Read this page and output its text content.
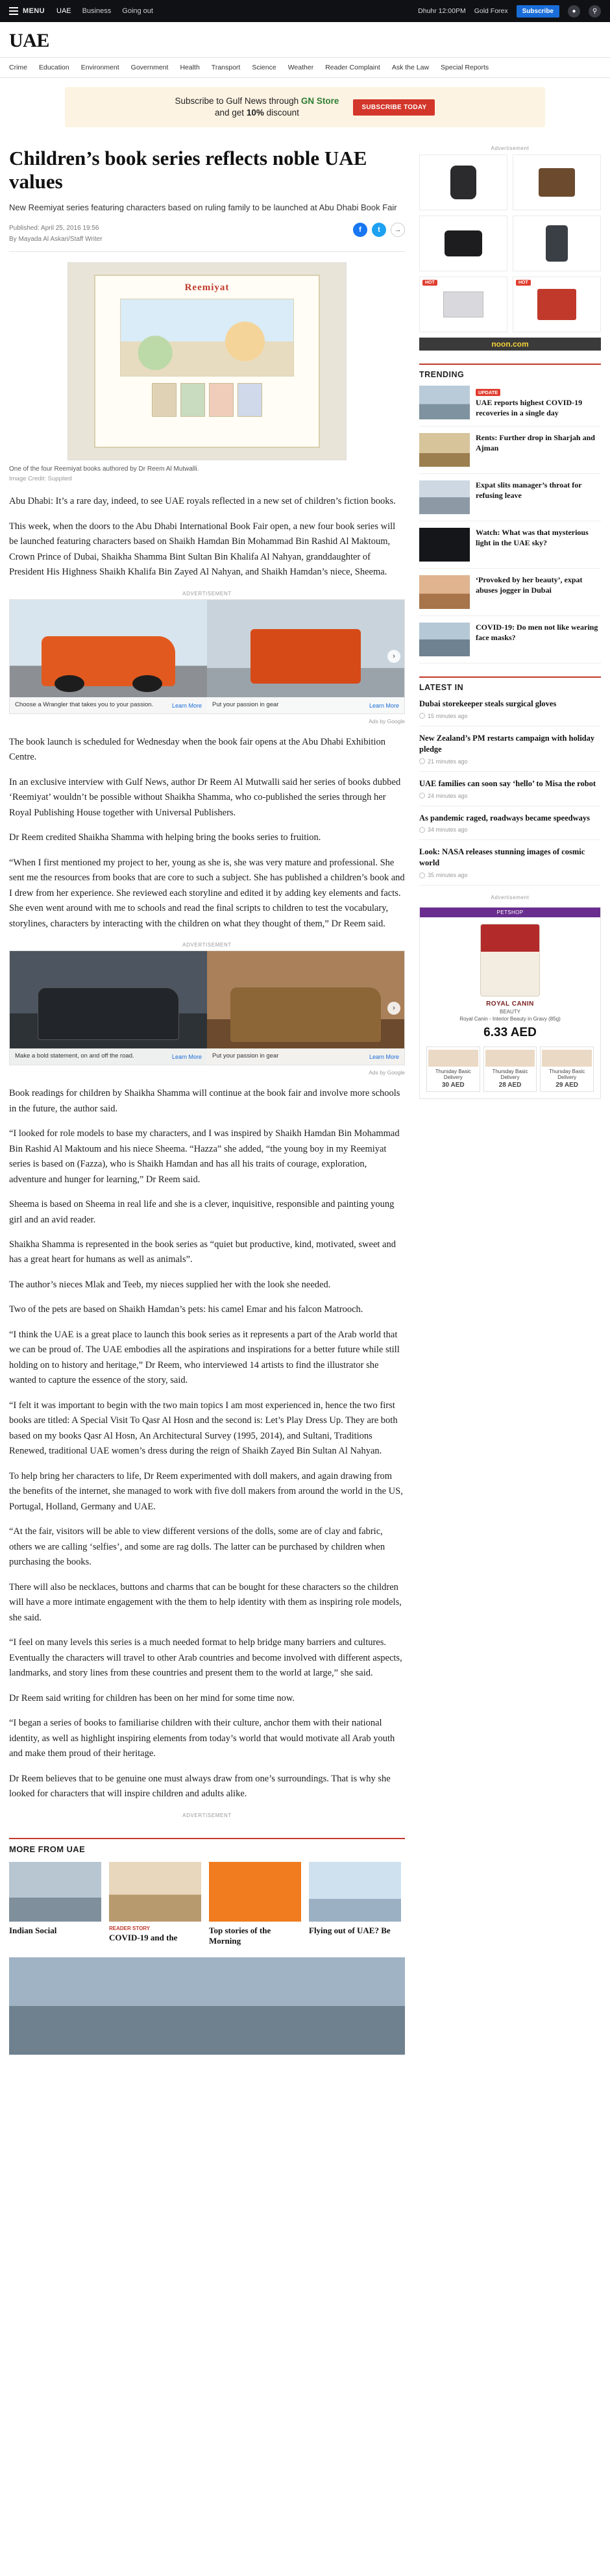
MENU UAE Business Going out	Dhuhr 12:00PM Gold Forex	Subscribe	●	⚲
UAE
Crime Education Environment Government Health Transport Science Weather Reader Complaint Ask the Law Special Reports
Subscribe to Gulf News through GN Store
and get 10% discount
SUBSCRIBE TODAY
Children’s book series reflects noble UAE values
New Reemiyat series featuring characters based on ruling family to be launched at Abu Dhabi Book Fair
Published: April 25, 2016 19:56
By Mayada Al Askari/Staff Writer
f	t	→
Reemiyat
One of the four Reemiyat books authored by Dr Reem Al Mutwalli.
Image Credit: Supplied

Abu Dhabi: It’s a rare day, indeed, to see UAE royals reflected in a new set of children’s fiction books.

This week, when the doors to the Abu Dhabi International Book Fair open, a new four book series will be launched featuring characters based on Shaikh Hamdan Bin Mohammad Bin Rashid Al Maktoum, Crown Prince of Dubai, Shaikha Shamma Bint Sultan Bin Khalifa Al Nahyan, granddaughter of President His Highness Shaikh Khalifa Bin Zayed Al Nahyan, and Shaikh Hamdan’s niece, Sheema.

ADVERTISEMENT
Choose a Wrangler that takes you to your passion.	Learn More Put your passion in gear	Learn More
›
Ads by Google

The book launch is scheduled for Wednesday when the book fair opens at the Abu Dhabi Exhibition Centre.

In an exclusive interview with Gulf News, author Dr Reem Al Mutwalli said her series of books dubbed ‘Reemiyat’ wouldn’t be possible without Shaikha Shamma, who co-published the series through her Royal Publishing House together with Universal Publishers.

Dr Reem credited Shaikha Shamma with helping bring the books series to fruition.

“When I first mentioned my project to her, young as she is, she was very mature and professional. She sent me the resources from books that are core to such a subject. She has published a children’s book and I drew from her experience. She reviewed each storyline and edited it by adding key elements and facts. She even went around with me to schools and read the final scripts to children to test the vocabulary, storylines, characters by interacting with the children on what they thought of them,” Dr Reem said.

ADVERTISEMENT
Make a bold statement, on and off the road.	Learn More Put your passion in gear	Learn More
›
Ads by Google

Book readings for children by Shaikha Shamma will continue at the book fair and involve more schools in the future, the author said.

“I looked for role models to base my characters, and I was inspired by Shaikh Hamdan Bin Mohammad Bin Rashid Al Maktoum and his niece Sheema. “Hazza” she added, “the young boy in my Reemiyat series is based on (Fazza), who is Shaikh Hamdan and has all his traits of courage, exploration, adventure and hunger for learning,” Dr Reem said.

Sheema is based on Sheema in real life and she is a clever, inquisitive, responsible and painting young girl and an avid reader.

Shaikha Shamma is represented in the book series as “quiet but productive, kind, motivated, sweet and has a great heart for humans as well as animals”.

The author’s nieces Mlak and Teeb, my nieces supplied her with the look she needed.

Two of the pets are based on Shaikh Hamdan’s pets: his camel Emar and his falcon Matrooch.

“I think the UAE is a great place to launch this book series as it represents a part of the Arab world that we can be proud of. The UAE embodies all the aspirations and inspirations for a better future while still holding on to history and heritage,” Dr Reem, who interviewed 14 artists to find the illustrator she wanted to capture the essence of the story, said.

“I felt it was important to begin with the two main topics I am most experienced in, hence the two first books are titled: A Special Visit To Qasr Al Hosn and the second is: Let’s Play Dress Up. They are both based on my books Qasr Al Hosn, An Architectural Survey (1995, 2014), and Sultani, Traditions Renewed, traditional UAE women’s dress during the reign of Shaikh Zayed Bin Sultan Al Nahyan.

To help bring her characters to life, Dr Reem experimented with doll makers, and again drawing from the benefits of the internet, she managed to work with five doll makers from around the world in the US, Portugal, Holland, Germany and UAE.

“At the fair, visitors will be able to view different versions of the dolls, some are of clay and fabric, others we are calling ‘selfies’, and some are rag dolls. The latter can be purchased by children when purchasing the books.

There will also be necklaces, buttons and charms that can be bought for these characters so the children will have a more intimate engagement with the them to help identity with them as inspiring role models, she said.

“I feel on many levels this series is a much needed format to help bridge many barriers and cultures. Eventually the characters will travel to other Arab countries and become involved with different aspects, landmarks, and story lines from these countries and present them to the world at large,” she said.

Dr Reem said writing for children has been on her mind for some time now.

“I began a series of books to familiarise children with their culture, anchor them with their national identity, as well as highlight inspiring elements from today’s world that would motivate all Arab youth and make them proud of their heritage.

Dr Reem believes that to be genuine one must always draw from one’s surroundings. That is why she looked for characters that will inspire children and adults alike.

ADVERTISEMENT
MORE FROM UAE
Indian Social	READER STORY
COVID-19 and the
Top stories of the Morning
Flying out of UAE? Be
Advertisement
HOT	HOT
noon.com
TRENDING
UPDATE
UAE reports highest COVID-19 recoveries in a single day
Rents: Further drop in Sharjah and Ajman
Expat slits manager’s throat for refusing leave
Watch: What was that mysterious light in the UAE sky?
‘Provoked by her beauty’, expat abuses jogger in Dubai
COVID-19: Do men not like wearing face masks?
LATEST IN
Dubai storekeeper steals surgical gloves
15 minutes ago
New Zealand’s PM restarts campaign with holiday pledge
21 minutes ago
UAE families can soon say ‘hello’ to Misa the robot
24 minutes ago
As pandemic raged, roadways became speedways
34 minutes ago
Look: NASA releases stunning images of cosmic world
35 minutes ago
Advertisement
PETSHOP
ROYAL CANIN
BEAUTY
Royal Canin - Interior Beauty in Gravy (85g)
6.33 AED
Thursday Basic Delivery
30 AED
Thursday Basic Delivery
28 AED
Thursday Basic Delivery
29 AED
